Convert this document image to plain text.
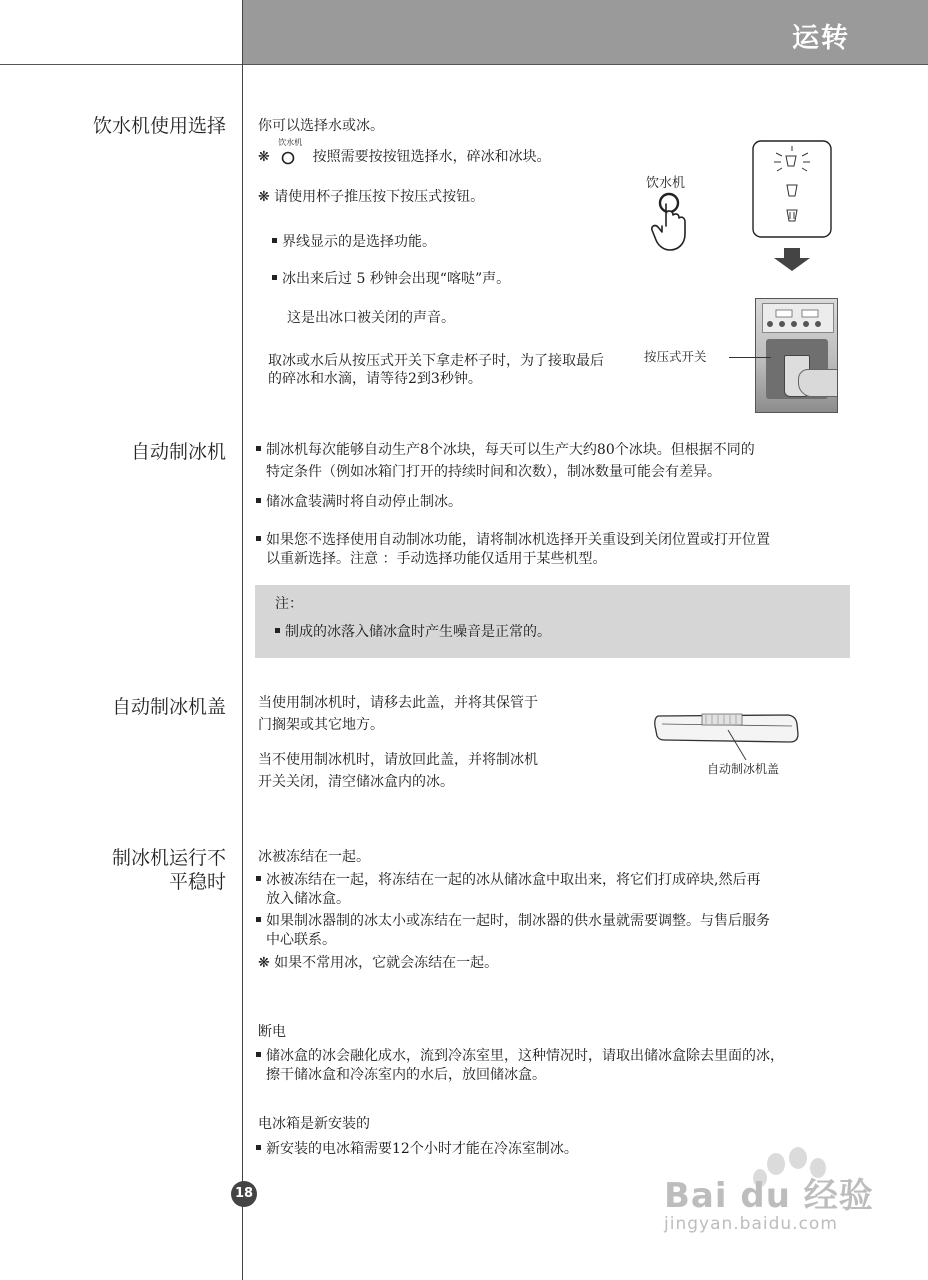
运转
饮水机使用选择 你可以选择水或冰。
❋
饮水机
按照需要按按钮选择水，碎冰和冰块。
❋ 请使用杯子推压按下按压式按钮。
界线显示的是选择功能。
冰出来后过 5 秒钟会出现“喀哒”声。
这是出冰口被关闭的声音。
取冰或水后从按压式开关下拿走杯子时，为了接取最后
的碎冰和水滴，请等待2到3秒钟。
饮水机
按压式开关
自动制冰机	制冰机每次能够自动生产8个冰块，每天可以生产大约80个冰块。但根据不同的
特定条件（例如冰箱门打开的持续时间和次数），制冰数量可能会有差异。
储冰盒装满时将自动停止制冰。
如果您不选择使用自动制冰功能，请将制冰机选择开关重设到关闭位置或打开位置
以重新选择。注意 ：手动选择功能仅适用于某些机型。
注：
制成的冰落入储冰盒时产生噪音是正常的。
自动制冰机盖 当使用制冰机时，请移去此盖，并将其保管于
门搁架或其它地方。
当不使用制冰机时，请放回此盖，并将制冰机
开关关闭，清空储冰盒内的冰。
自动制冰机盖
制冰机运行不
平稳时
冰被冻结在一起。
冰被冻结在一起，将冻结在一起的冰从储冰盒中取出来，将它们打成碎块,然后再
放入储冰盒。
如果制冰器制的冰太小或冻结在一起时，制冰器的供水量就需要调整。与售后服务
中心联系。
❋ 如果不常用冰，它就会冻结在一起。
断电
储冰盒的冰会融化成水，流到冷冻室里，这种情况时，请取出储冰盒除去里面的冰，
擦干储冰盒和冷冻室内的水后，放回储冰盒。
电冰箱是新安装的
新安装的电冰箱需要12个小时才能在冷冻室制冰。
18	Bai du 经验
jingyan.baidu.com
